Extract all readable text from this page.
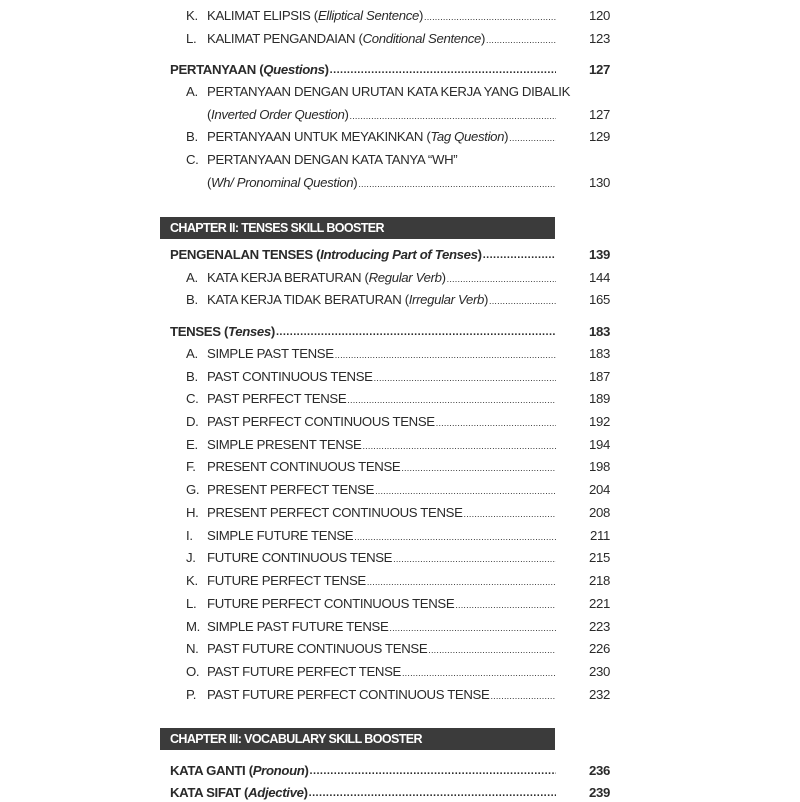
K. KALIMAT ELIPSIS (Elliptical Sentence) .....	120
L. KALIMAT PENGANDAIAN (Conditional Sentence) .....	123
PERTANYAAN (Questions) .....	127
A. PERTANYAAN DENGAN URUTAN KATA KERJA YANG DIBALIK
(Inverted Order Question) .....	127
B. PERTANYAAN UNTUK MEYAKINKAN (Tag Question) .....	129
C. PERTANYAAN DENGAN KATA TANYA “WH”
(Wh/ Pronominal Question) .....	130
CHAPTER II: TENSES SKILL BOOSTER
PENGENALAN TENSES (Introducing Part of Tenses) .....	139
A. KATA KERJA BERATURAN (Regular Verb) .....	144
B. KATA KERJA TIDAK BERATURAN (Irregular Verb) .....	165
TENSES (Tenses) .....	183
A. SIMPLE PAST TENSE .....	183
B. PAST CONTINUOUS TENSE .....	187
C. PAST PERFECT TENSE .....	189
D. PAST PERFECT CONTINUOUS TENSE .....	192
E. SIMPLE PRESENT TENSE .....	194
F. PRESENT CONTINUOUS TENSE .....	198
G. PRESENT PERFECT TENSE .....	204
H. PRESENT PERFECT CONTINUOUS TENSE .....	208
I.	SIMPLE FUTURE TENSE .....	211
J. FUTURE CONTINUOUS TENSE .....	215
K. FUTURE PERFECT TENSE .....	218
L. FUTURE PERFECT CONTINUOUS TENSE .....	221
M. SIMPLE PAST FUTURE TENSE .....	223
N. PAST FUTURE CONTINUOUS TENSE .....	226
O. PAST FUTURE PERFECT TENSE .....	230
P. PAST FUTURE PERFECT CONTINUOUS TENSE .....	232
CHAPTER III: VOCABULARY SKILL BOOSTER
KATA GANTI (Pronoun) .....	236
KATA SIFAT (Adjective) .....	239
